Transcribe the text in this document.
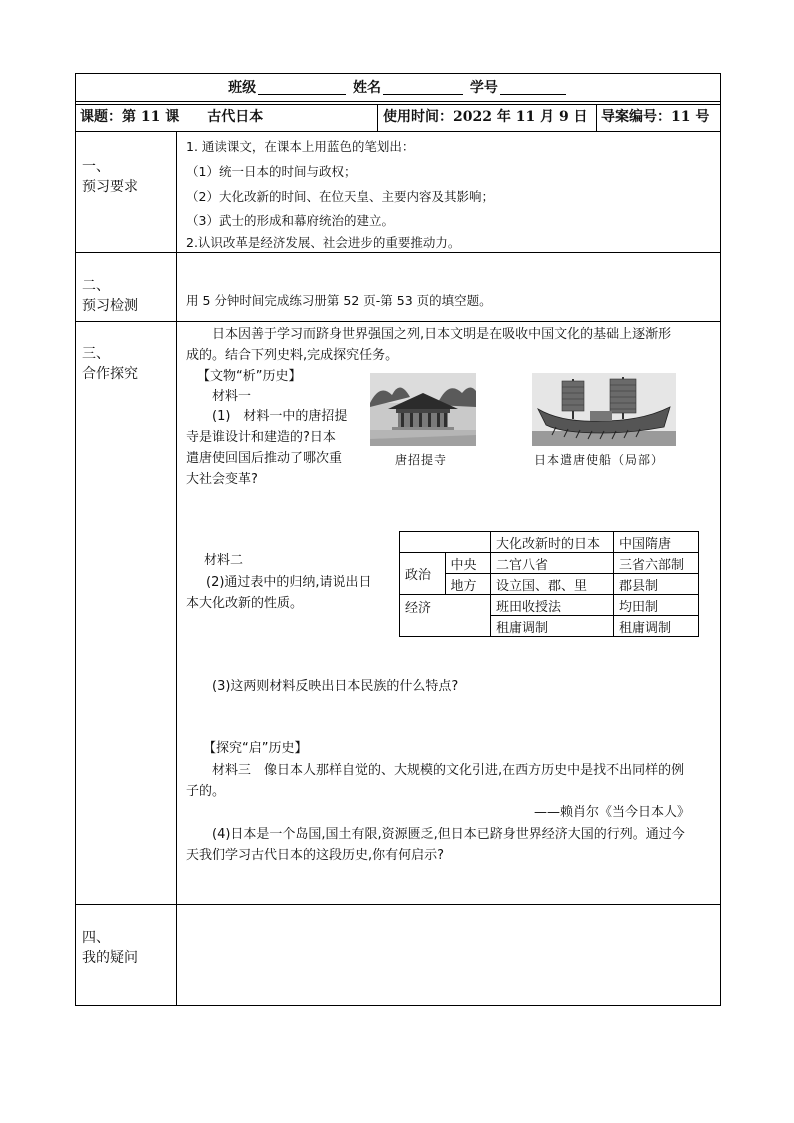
班级	姓名	学号
课题：第 11 课　　古代日本	使用时间：2022 年 11 月 9 日 导案编号：11 号
一、
预习要求
1. 通读课文，在课本上用蓝色的笔划出：
（1）统一日本的时间与政权；
（2）大化改新的时间、在位天皇、主要内容及其影响；
（3）武士的形成和幕府统治的建立。
2.认识改革是经济发展、社会进步的重要推动力。
二、
预习检测	用 5 分钟时间完成练习册第 52 页-第 53 页的填空题。
三、
合作探究
日本因善于学习而跻身世界强国之列,日本文明是在吸收中国文化的基础上逐渐形
成的。结合下列史料,完成探究任务。
【文物“析”历史】
材料一
(1)　材料一中的唐招提
寺是谁设计和建造的?日本
遣唐使回国后推动了哪次重
大社会变革?
唐招提寺	日本遣唐使船（局部）
材料二
(2)通过表中的归纳,请说出日
本大化改新的性质。
		大化改新时的日本	中国隋唐
政治	中央	二官八省	三省六部制
	地方	设立国、郡、里	郡县制
经济		班田收授法	均田制
		租庸调制	租庸调制
(3)这两则材料反映出日本民族的什么特点?
【探究“启”历史】
材料三　像日本人那样自觉的、大规模的文化引进,在西方历史中是找不出同样的例
子的。
——赖肖尔《当今日本人》
(4)日本是一个岛国,国土有限,资源匮乏,但日本已跻身世界经济大国的行列。通过今
天我们学习古代日本的这段历史,你有何启示?
四、
我的疑问
